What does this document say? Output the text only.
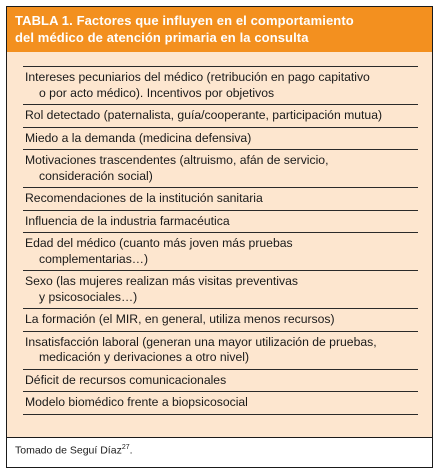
TABLA 1. Factores que influyen en el comportamiento
del médico de atención primaria en la consulta
Intereses pecuniarios del médico (retribución en pago capitativo
o por acto médico). Incentivos por objetivos
Rol detectado (paternalista, guía/cooperante, participación mutua)
Miedo a la demanda (medicina defensiva)
Motivaciones trascendentes (altruismo, afán de servicio,
consideración social)
Recomendaciones de la institución sanitaria
Influencia de la industria farmacéutica
Edad del médico (cuanto más joven más pruebas
complementarias…)
Sexo (las mujeres realizan más visitas preventivas
y psicosociales…)
La formación (el MIR, en general, utiliza menos recursos)
Insatisfacción laboral (generan una mayor utilización de pruebas,
medicación y derivaciones a otro nivel)
Déficit de recursos comunicacionales
Modelo biomédico frente a biopsicosocial
Tomado de Seguí Díaz$^{27}$.
